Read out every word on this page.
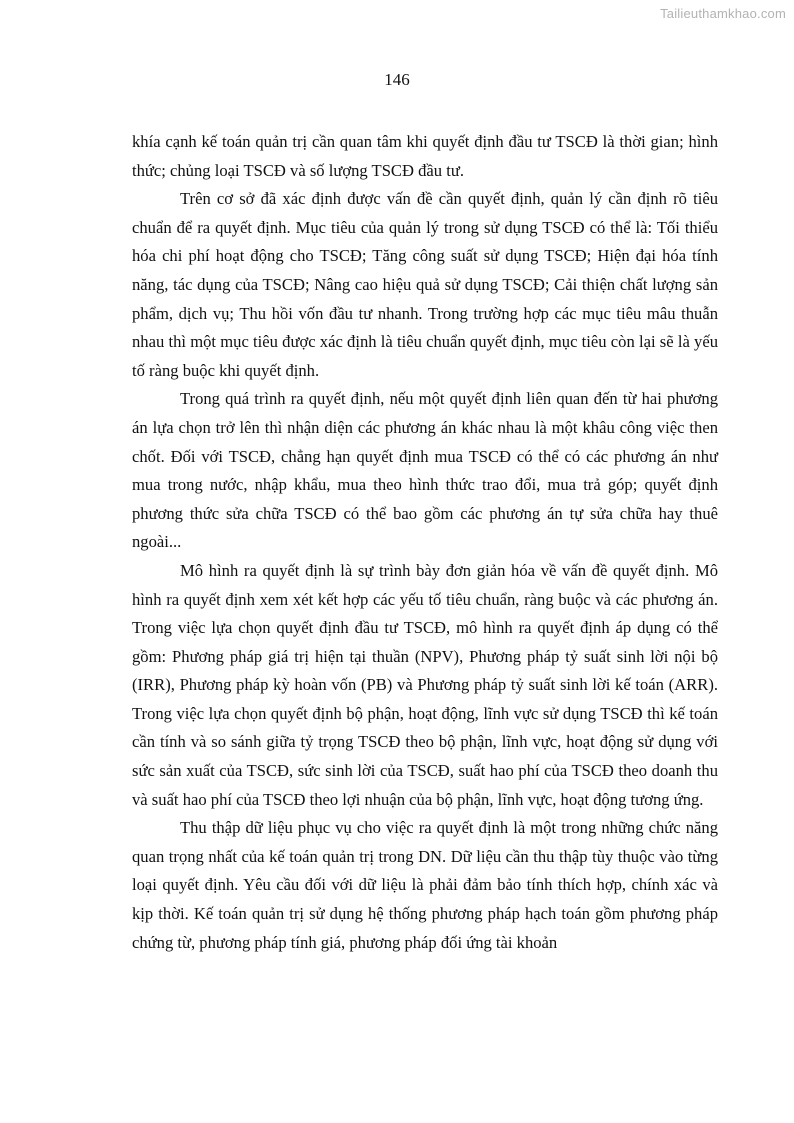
Tailieuthamkhao.com
146

khía cạnh kế toán quản trị cần quan tâm khi quyết định đầu tư TSCĐ là thời gian; hình thức; chủng loại TSCĐ và số lượng TSCĐ đầu tư.

Trên cơ sở đã xác định được vấn đề cần quyết định, quản lý cần định rõ tiêu chuẩn để ra quyết định. Mục tiêu của quản lý trong sử dụng TSCĐ có thể là: Tối thiểu hóa chi phí hoạt động cho TSCĐ; Tăng công suất sử dụng TSCĐ; Hiện đại hóa tính năng, tác dụng của TSCĐ; Nâng cao hiệu quả sử dụng TSCĐ; Cải thiện chất lượng sản phẩm, dịch vụ; Thu hồi vốn đầu tư nhanh. Trong trường hợp các mục tiêu mâu thuẫn nhau thì một mục tiêu được xác định là tiêu chuẩn quyết định, mục tiêu còn lại sẽ là yếu tố ràng buộc khi quyết định.

Trong quá trình ra quyết định, nếu một quyết định liên quan đến từ hai phương án lựa chọn trở lên thì nhận diện các phương án khác nhau là một khâu công việc then chốt. Đối với TSCĐ, chẳng hạn quyết định mua TSCĐ có thể có các phương án như mua trong nước, nhập khẩu, mua theo hình thức trao đổi, mua trả góp; quyết định phương thức sửa chữa TSCĐ có thể bao gồm các phương án tự sửa chữa hay thuê ngoài...

Mô hình ra quyết định là sự trình bày đơn giản hóa về vấn đề quyết định. Mô hình ra quyết định xem xét kết hợp các yếu tố tiêu chuẩn, ràng buộc và các phương án. Trong việc lựa chọn quyết định đầu tư TSCĐ, mô hình ra quyết định áp dụng có thể gồm: Phương pháp giá trị hiện tại thuần (NPV), Phương pháp tỷ suất sinh lời nội bộ (IRR), Phương pháp kỳ hoàn vốn (PB) và Phương pháp tỷ suất sinh lời kế toán (ARR). Trong việc lựa chọn quyết định bộ phận, hoạt động, lĩnh vực sử dụng TSCĐ thì kế toán cần tính và so sánh giữa tỷ trọng TSCĐ theo bộ phận, lĩnh vực, hoạt động sử dụng với sức sản xuất của TSCĐ, sức sinh lời của TSCĐ, suất hao phí của TSCĐ theo doanh thu và suất hao phí của TSCĐ theo lợi nhuận của bộ phận, lĩnh vực, hoạt động tương ứng.

Thu thập dữ liệu phục vụ cho việc ra quyết định là một trong những chức năng quan trọng nhất của kế toán quản trị trong DN. Dữ liệu cần thu thập tùy thuộc vào từng loại quyết định. Yêu cầu đối với dữ liệu là phải đảm bảo tính thích hợp, chính xác và kịp thời. Kế toán quản trị sử dụng hệ thống phương pháp hạch toán gồm phương pháp chứng từ, phương pháp tính giá, phương pháp đối ứng tài khoản
